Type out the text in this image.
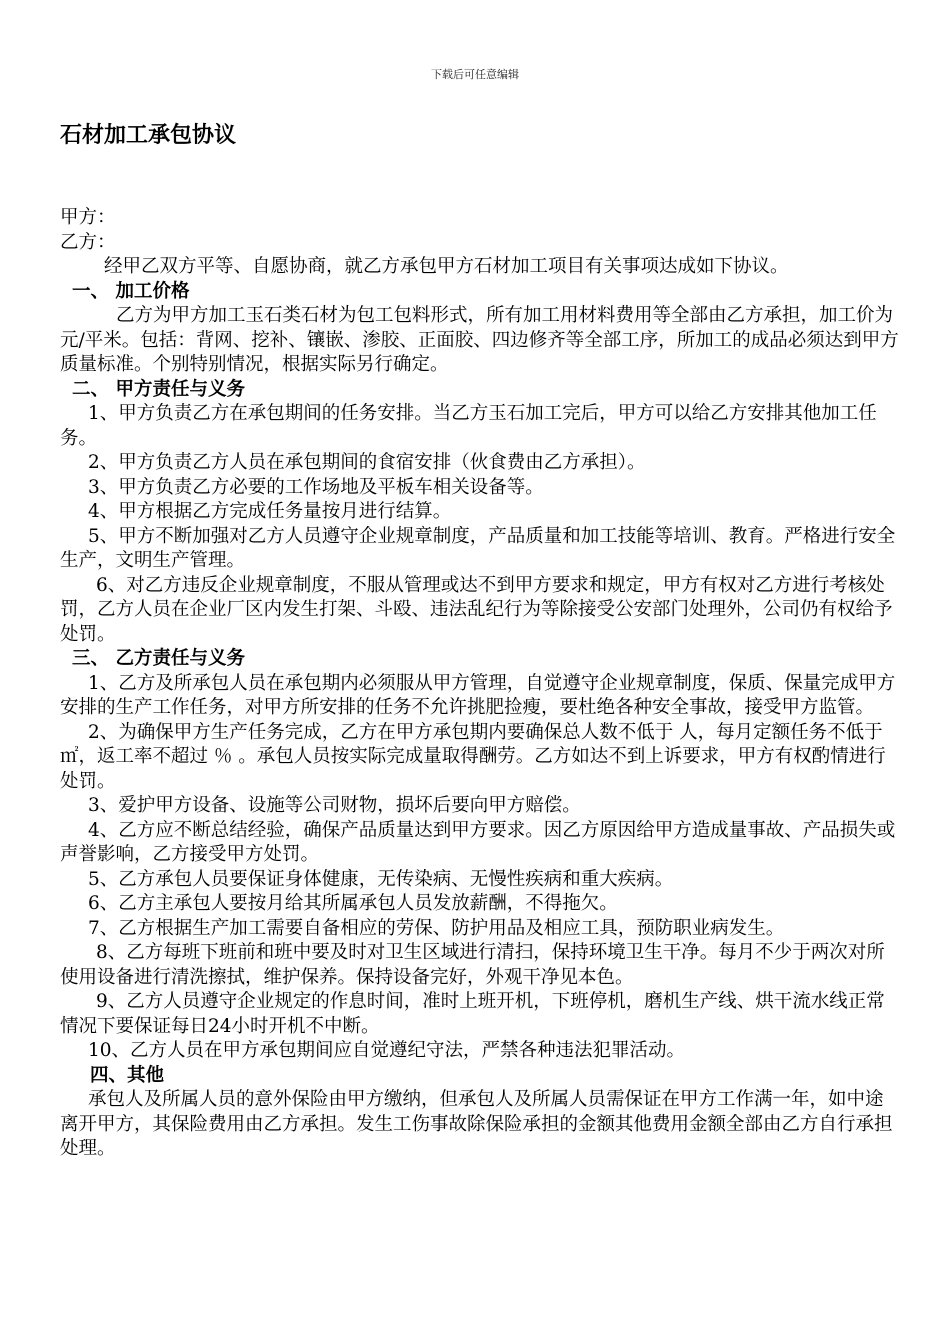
下载后可任意编辑
石材加工承包协议

甲方：

乙方：

经甲乙双方平等、自愿协商，就乙方承包甲方石材加工项目有关事项达成如下协议。

一、 加工价格

乙方为甲方加工玉石类石材为包工包料形式，所有加工用材料费用等全部由乙方承担，加工价为 元/平米。包括：背网、挖补、镶嵌、渗胶、正面胶、四边修齐等全部工序，所加工的成品必须达到甲方质量标准。个别特别情况，根据实际另行确定。

二、 甲方责任与义务

1、甲方负责乙方在承包期间的任务安排。当乙方玉石加工完后，甲方可以给乙方安排其他加工任务。

2、甲方负责乙方人员在承包期间的食宿安排（伙食费由乙方承担）。

3、甲方负责乙方必要的工作场地及平板车相关设备等。

4、甲方根据乙方完成任务量按月进行结算。

5、甲方不断加强对乙方人员遵守企业规章制度，产品质量和加工技能等培训、教育。严格进行安全生产，文明生产管理。

6、对乙方违反企业规章制度，不服从管理或达不到甲方要求和规定，甲方有权对乙方进行考核处罚，乙方人员在企业厂区内发生打架、斗殴、违法乱纪行为等除接受公安部门处理外，公司仍有权给予处罚。

三、 乙方责任与义务

1、乙方及所承包人员在承包期内必须服从甲方管理，自觉遵守企业规章制度，保质、保量完成甲方安排的生产工作任务，对甲方所安排的任务不允许挑肥捡瘦，要杜绝各种安全事故，接受甲方监管。

2、为确保甲方生产任务完成，乙方在甲方承包期内要确保总人数不低于 人，每月定额任务不低于 ㎡，返工率不超过 ％ 。承包人员按实际完成量取得酬劳。乙方如达不到上诉要求，甲方有权酌情进行处罚。

3、爱护甲方设备、设施等公司财物，损坏后要向甲方赔偿。

4、乙方应不断总结经验，确保产品质量达到甲方要求。因乙方原因给甲方造成量事故、产品损失或声誉影响，乙方接受甲方处罚。

5、乙方承包人员要保证身体健康，无传染病、无慢性疾病和重大疾病。

6、乙方主承包人要按月给其所属承包人员发放薪酬，不得拖欠。

7、乙方根据生产加工需要自备相应的劳保、防护用品及相应工具，预防职业病发生。

8、乙方每班下班前和班中要及时对卫生区域进行清扫，保持环境卫生干净。每月不少于两次对所使用设备进行清洗擦拭，维护保养。保持设备完好，外观干净见本色。

9、乙方人员遵守企业规定的作息时间，准时上班开机，下班停机，磨机生产线、烘干流水线正常情况下要保证每日24小时开机不中断。

10、乙方人员在甲方承包期间应自觉遵纪守法，严禁各种违法犯罪活动。

四、其他

承包人及所属人员的意外保险由甲方缴纳，但承包人及所属人员需保证在甲方工作满一年，如中途离开甲方，其保险费用由乙方承担。发生工伤事故除保险承担的金额其他费用金额全部由乙方自行承担处理。
